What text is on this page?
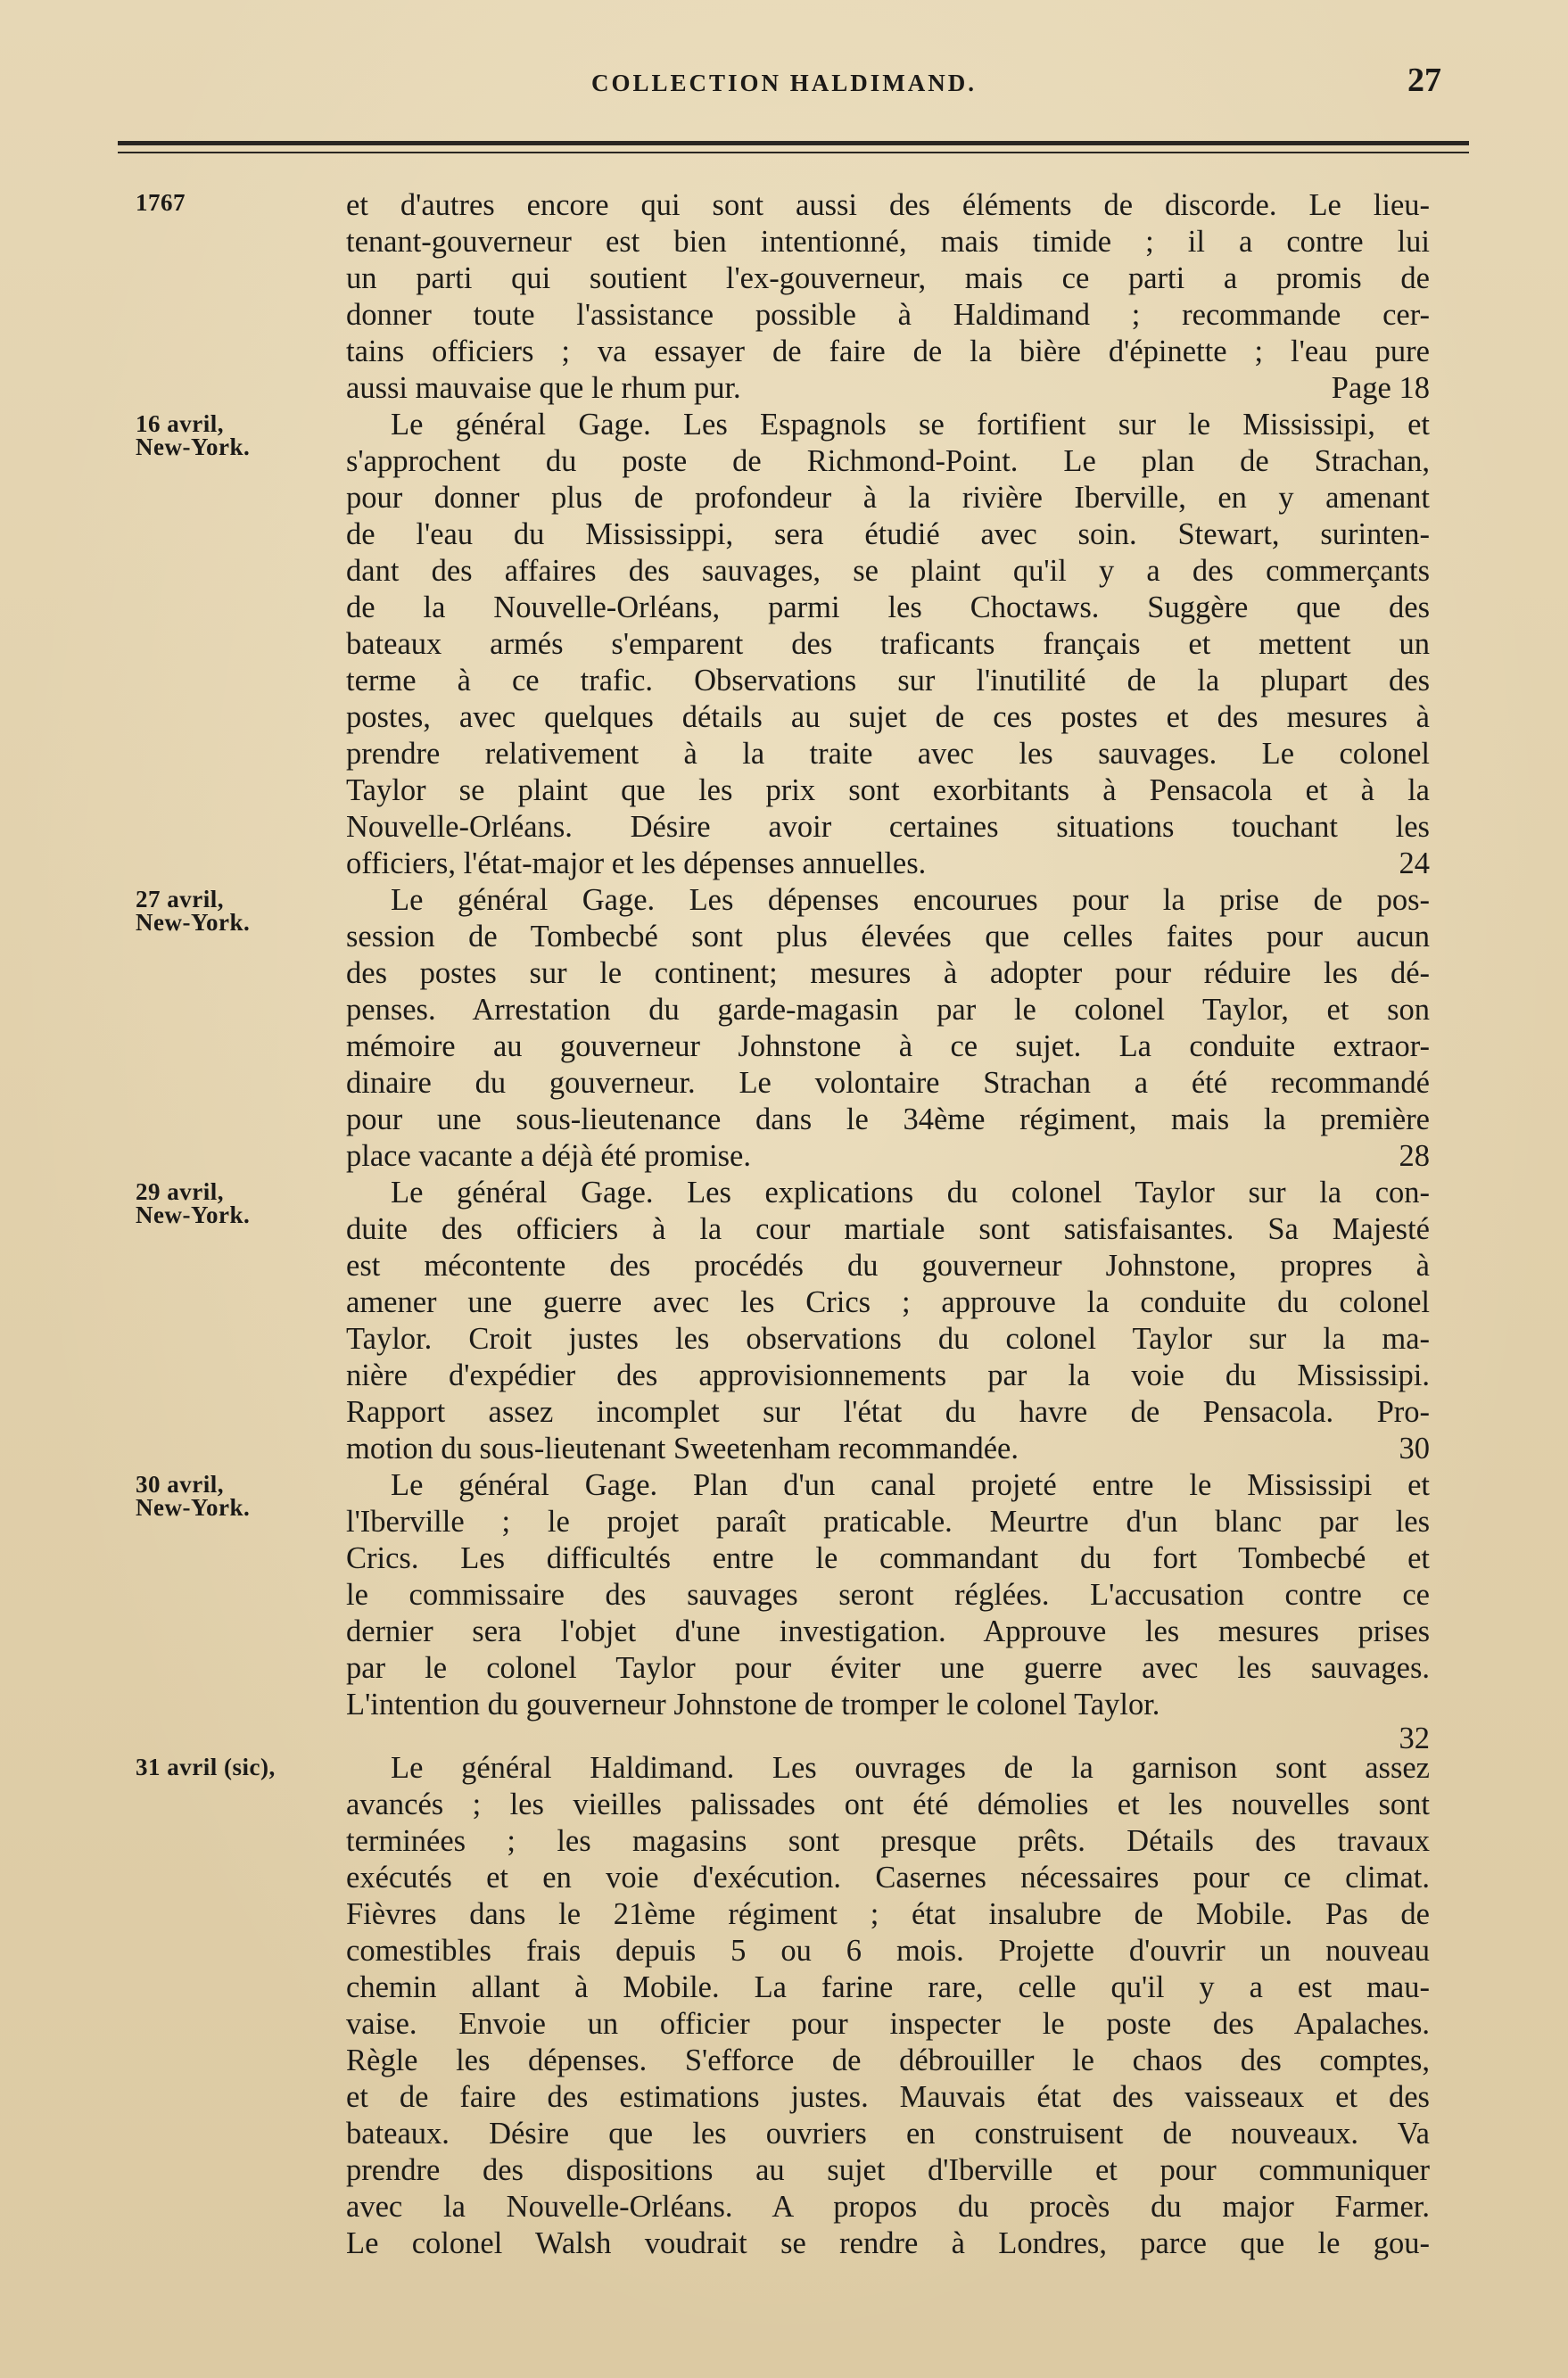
COLLECTION HALDIMAND.	27
1767	et d'autres encore qui sont aussi des éléments de discorde. Le lieu-
tenant-gouverneur est bien intentionné, mais timide ; il a contre lui
un parti qui soutient l'ex-gouverneur, mais ce parti a promis de
donner toute l'assistance possible à Haldimand ; recommande cer-
tains officiers ; va essayer de faire de la bière d'épinette ; l'eau pure
aussi mauvaise que le rhum pur.	Page 18
16 avril,
New-York.
Le général Gage. Les Espagnols se fortifient sur le Mississipi, et
s'approchent du poste de Richmond-Point. Le plan de Strachan,
pour donner plus de profondeur à la rivière Iberville, en y amenant
de l'eau du Mississippi, sera étudié avec soin. Stewart, surinten-
dant des affaires des sauvages, se plaint qu'il y a des commerçants
de la Nouvelle-Orléans, parmi les Choctaws. Suggère que des
bateaux armés s'emparent des traficants français et mettent un
terme à ce trafic. Observations sur l'inutilité de la plupart des
postes, avec quelques détails au sujet de ces postes et des mesures à
prendre relativement à la traite avec les sauvages. Le colonel
Taylor se plaint que les prix sont exorbitants à Pensacola et à la
Nouvelle-Orléans. Désire avoir certaines situations touchant les
officiers, l'état-major et les dépenses annuelles.	24
27 avril,
New-York.
Le général Gage. Les dépenses encourues pour la prise de pos-
session de Tombecbé sont plus élevées que celles faites pour aucun
des postes sur le continent; mesures à adopter pour réduire les dé-
penses. Arrestation du garde-magasin par le colonel Taylor, et son
mémoire au gouverneur Johnstone à ce sujet. La conduite extraor-
dinaire du gouverneur. Le volontaire Strachan a été recommandé
pour une sous-lieutenance dans le 34ème régiment, mais la première
place vacante a déjà été promise.	28
29 avril,
New-York.
Le général Gage. Les explications du colonel Taylor sur la con-
duite des officiers à la cour martiale sont satisfaisantes. Sa Majesté
est mécontente des procédés du gouverneur Johnstone, propres à
amener une guerre avec les Crics ; approuve la conduite du colonel
Taylor. Croit justes les observations du colonel Taylor sur la ma-
nière d'expédier des approvisionnements par la voie du Mississipi.
Rapport assez incomplet sur l'état du havre de Pensacola. Pro-
motion du sous-lieutenant Sweetenham recommandée.	30
30 avril,
New-York.
Le général Gage. Plan d'un canal projeté entre le Mississipi et
l'Iberville ; le projet paraît praticable. Meurtre d'un blanc par les
Crics. Les difficultés entre le commandant du fort Tombecbé et
le commissaire des sauvages seront réglées. L'accusation contre ce
dernier sera l'objet d'une investigation. Approuve les mesures prises
par le colonel Taylor pour éviter une guerre avec les sauvages.
L'intention du gouverneur Johnstone de tromper le colonel Taylor.
32
31 avril (sic),	Le général Haldimand. Les ouvrages de la garnison sont assez
avancés ; les vieilles palissades ont été démolies et les nouvelles sont
terminées ; les magasins sont presque prêts. Détails des travaux
exécutés et en voie d'exécution. Casernes nécessaires pour ce climat.
Fièvres dans le 21ème régiment ; état insalubre de Mobile. Pas de
comestibles frais depuis 5 ou 6 mois. Projette d'ouvrir un nouveau
chemin allant à Mobile. La farine rare, celle qu'il y a est mau-
vaise. Envoie un officier pour inspecter le poste des Apalaches.
Règle les dépenses. S'efforce de débrouiller le chaos des comptes,
et de faire des estimations justes. Mauvais état des vaisseaux et des
bateaux. Désire que les ouvriers en construisent de nouveaux. Va
prendre des dispositions au sujet d'Iberville et pour communiquer
avec la Nouvelle-Orléans. A propos du procès du major Farmer.
Le colonel Walsh voudrait se rendre à Londres, parce que le gou-
